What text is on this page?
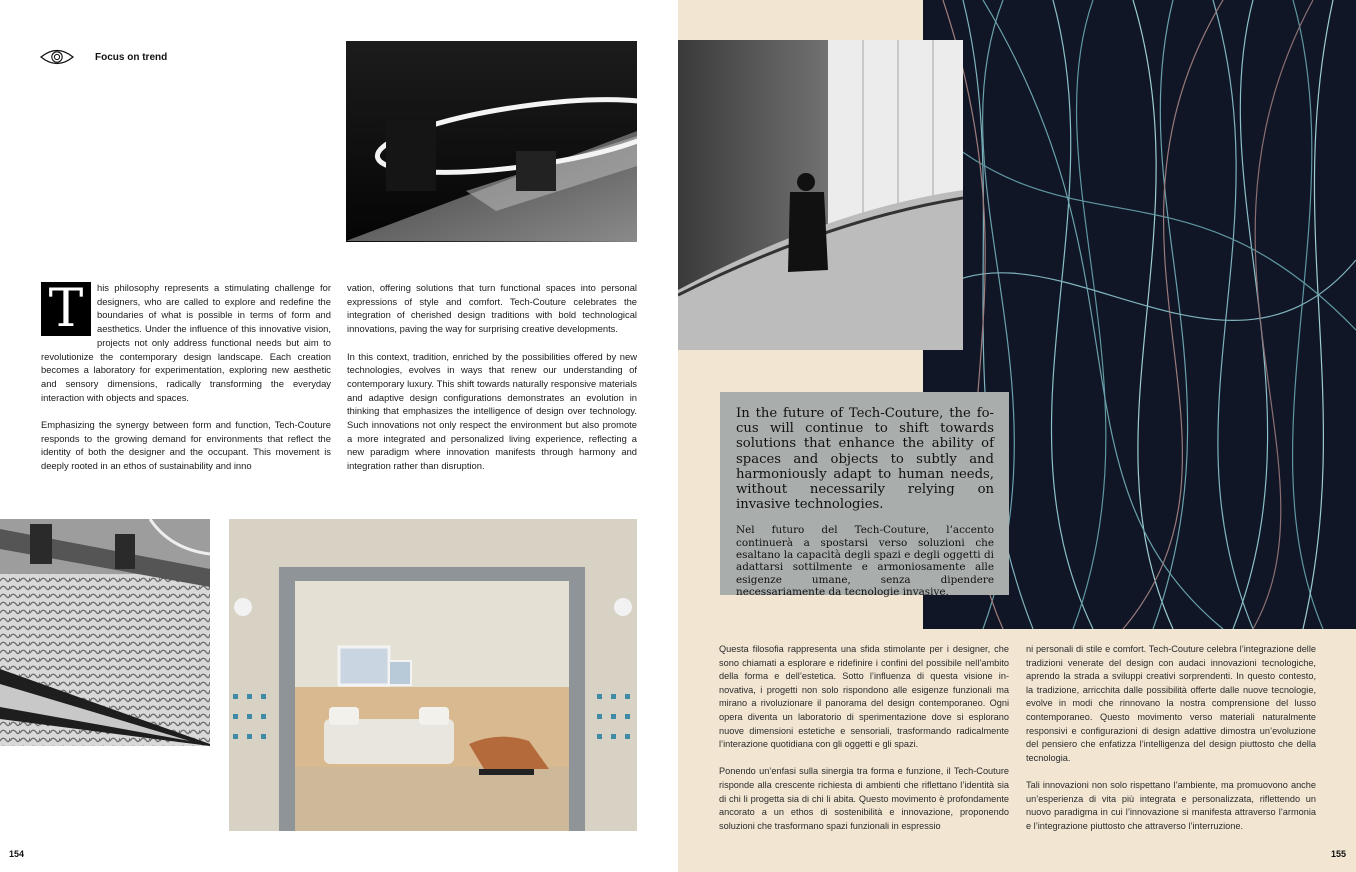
Focus on trend
T	his philosophy represents a stimulating challenge for designers, who are called to explore and redefine the boundaries of what is possible in terms of form and aesthetics. Under the influence of this innovative vision, projects not only address functional needs but aim to revolutionize the contemporary design landscape. Each creation becomes a laboratory for experimentation, exploring new aesthetic and sensory dimensions, radically transforming the everyday interaction with objects and spaces.

Emphasizing the synergy between form and function, Tech-Couture responds to the growing demand for environments that reflect the identity of both the designer and the occupant. This movement is deeply rooted in an ethos of sustainability and inno

vation, offering solutions that turn functional spaces into personal expressions of style and comfort. Tech-Couture celebrates the integration of cherished design traditions with bold technological innovations, paving the way for surprising creative developments.

In this context, tradition, enriched by the possibilities offered by new technologies, evolves in ways that renew our understanding of contemporary luxury. This shift towards naturally responsive materials and adaptive design configurations demonstrates an evolution in thinking that emphasizes the intelligence of design over technology. Such innovations not only respect the environment but also promote a more integrated and personalized living experience, reflecting a new paradigm where innovation manifests through harmony and integration rather than disruption.

154

In the future of Tech-Couture, the focus will continue to shift towards solutions that enhance the ability of spaces and objects to subtly and harmoniously adapt to human needs, without necessarily relying on invasive technologies.

Nel futuro del Tech-Couture, l’accento continuerà a spostarsi verso soluzioni che esaltano la capacità degli spazi e degli oggetti di adattarsi sottilmente e armoniosamente alle esigenze umane, senza dipendere necessariamente da tecnologie invasive.

Questa filosofia rappresenta una sfida stimolante per i designer, che sono chiamati a esplorare e ridefinire i confini del possibile nell’ambito della forma e dell’estetica. Sotto l’influenza di questa visione innovativa, i progetti non solo rispondono alle esigenze funzionali ma mirano a rivoluzionare il panorama del design contemporaneo. Ogni opera diventa un laboratorio di sperimentazione dove si esplorano nuove dimensioni estetiche e sensoriali, trasformando radicalmente l’interazione quotidiana con gli oggetti e gli spazi.

Ponendo un’enfasi sulla sinergia tra forma e funzione, il Tech-Couture risponde alla crescente richiesta di ambienti che riflettano l’identità sia di chi li progetta sia di chi li abita. Questo movimento è profondamente ancorato a un ethos di sostenibilità e innovazione, proponendo soluzioni che trasformano spazi funzionali in espressio

ni personali di stile e comfort. Tech-Couture celebra l’integrazione delle tradizioni venerate del design con audaci innovazioni tecnologiche, aprendo la strada a sviluppi creativi sorprendenti. In questo contesto, la tradizione, arricchita dalle possibilità offerte dalle nuove tecnologie, evolve in modi che rinnovano la nostra comprensione del lusso contemporaneo. Questo movimento verso materiali naturalmente responsivi e configurazioni di design adattive dimostra un’evoluzione del pensiero che enfatizza l’intelligenza del design piuttosto che della tecnologia.

Tali innovazioni non solo rispettano l’ambiente, ma promuovono anche un’esperienza di vita più integrata e personalizzata, riflettendo un nuovo paradigma in cui l’innovazione si manifesta attraverso l’armonia e l’integrazione piuttosto che attraverso l’interruzione.

155
